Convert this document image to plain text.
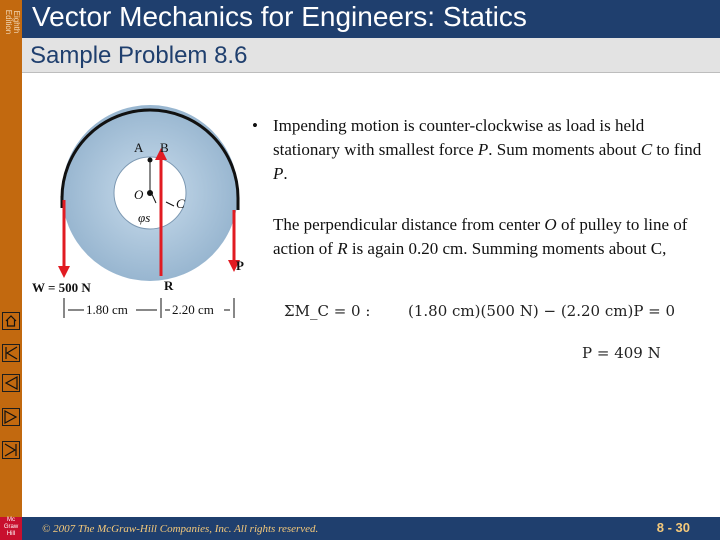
Eighth Edition Vector Mechanics for Engineers: Statics
Sample Problem 8.6
A B
O
C
φs
W = 500 N	R
P
1.80 cm	2.20 cm
• Impending motion is counter-clockwise as load is held stationary with smallest force P. Sum moments about C to find P.
The perpendicular distance from center O of pulley to line of action of R is again 0.20 cm. Summing moments about C,
ΣM_C = 0 :	(1.80 cm)(500 N) − (2.20 cm)P = 0
P = 409 N
Mc Graw Hill	© 2007 The McGraw-Hill Companies, Inc. All rights reserved.	8 - 30
